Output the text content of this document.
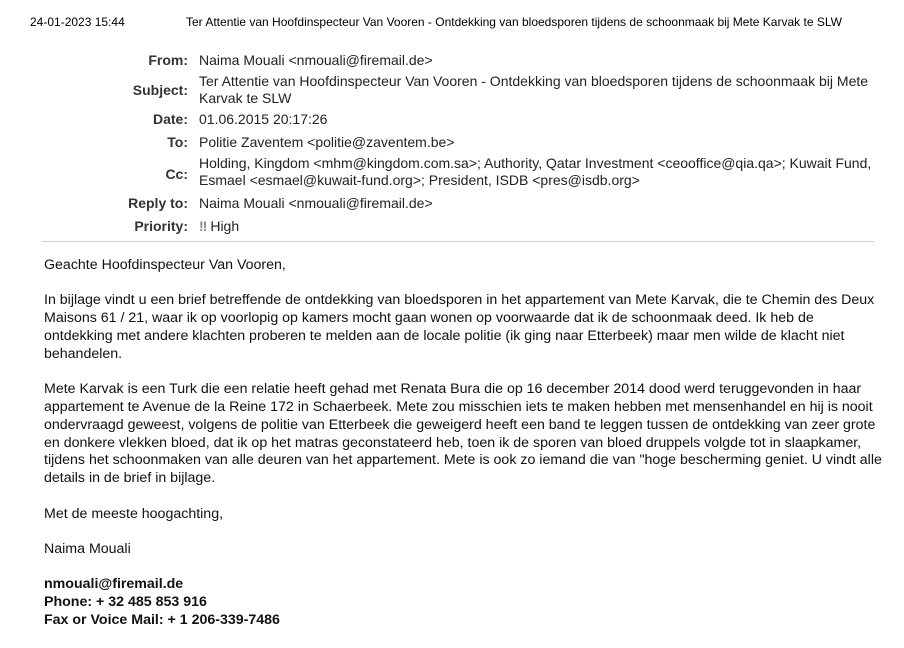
24-01-2023 15:44	Ter Attentie van Hoofdinspecteur Van Vooren - Ontdekking van bloedsporen tijdens de schoonmaak bij Mete Karvak te SLW
From: Naima Mouali <nmouali@firemail.de>
Subject:
Ter Attentie van Hoofdinspecteur Van Vooren - Ontdekking van bloedsporen tijdens de schoonmaak bij Mete Karvak te SLW
Date: 01.06.2015 20:17:26
To: Politie Zaventem <politie@zaventem.be>
Cc:
Holding, Kingdom <mhm@kingdom.com.sa>; Authority, Qatar Investment <ceooffice@qia.qa>; Kuwait Fund, Esmael <esmael@kuwait-fund.org>; President, ISDB <pres@isdb.org>
Reply to: Naima Mouali <nmouali@firemail.de>
Priority: !! High

Geachte Hoofdinspecteur Van Vooren,

In bijlage vindt u een brief betreffende de ontdekking van bloedsporen in het appartement van Mete Karvak, die te Chemin des Deux Maisons 61 / 21, waar ik op voorlopig op kamers mocht gaan wonen op voorwaarde dat ik de schoonmaak deed. Ik heb de ontdekking met andere klachten proberen te melden aan de locale politie (ik ging naar Etterbeek) maar men wilde de klacht niet behandelen.

Mete Karvak is een Turk die een relatie heeft gehad met Renata Bura die op 16 december 2014 dood werd teruggevonden in haar appartement te Avenue de la Reine 172 in Schaerbeek. Mete zou misschien iets te maken hebben met mensenhandel en hij is nooit ondervraagd geweest, volgens de politie van Etterbeek die geweigerd heeft een band te leggen tussen de ontdekking van zeer grote en donkere vlekken bloed, dat ik op het matras geconstateerd heb, toen ik de sporen van bloed druppels volgde tot in slaapkamer, tijdens het schoonmaken van alle deuren van het appartement. Mete is ook zo iemand die van "hoge bescherming geniet. U vindt alle details in de brief in bijlage.

Met de meeste hoogachting,

Naima Mouali

nmouali@firemail.de
Phone: + 32 485 853 916
Fax or Voice Mail: + 1 206-339-7486
